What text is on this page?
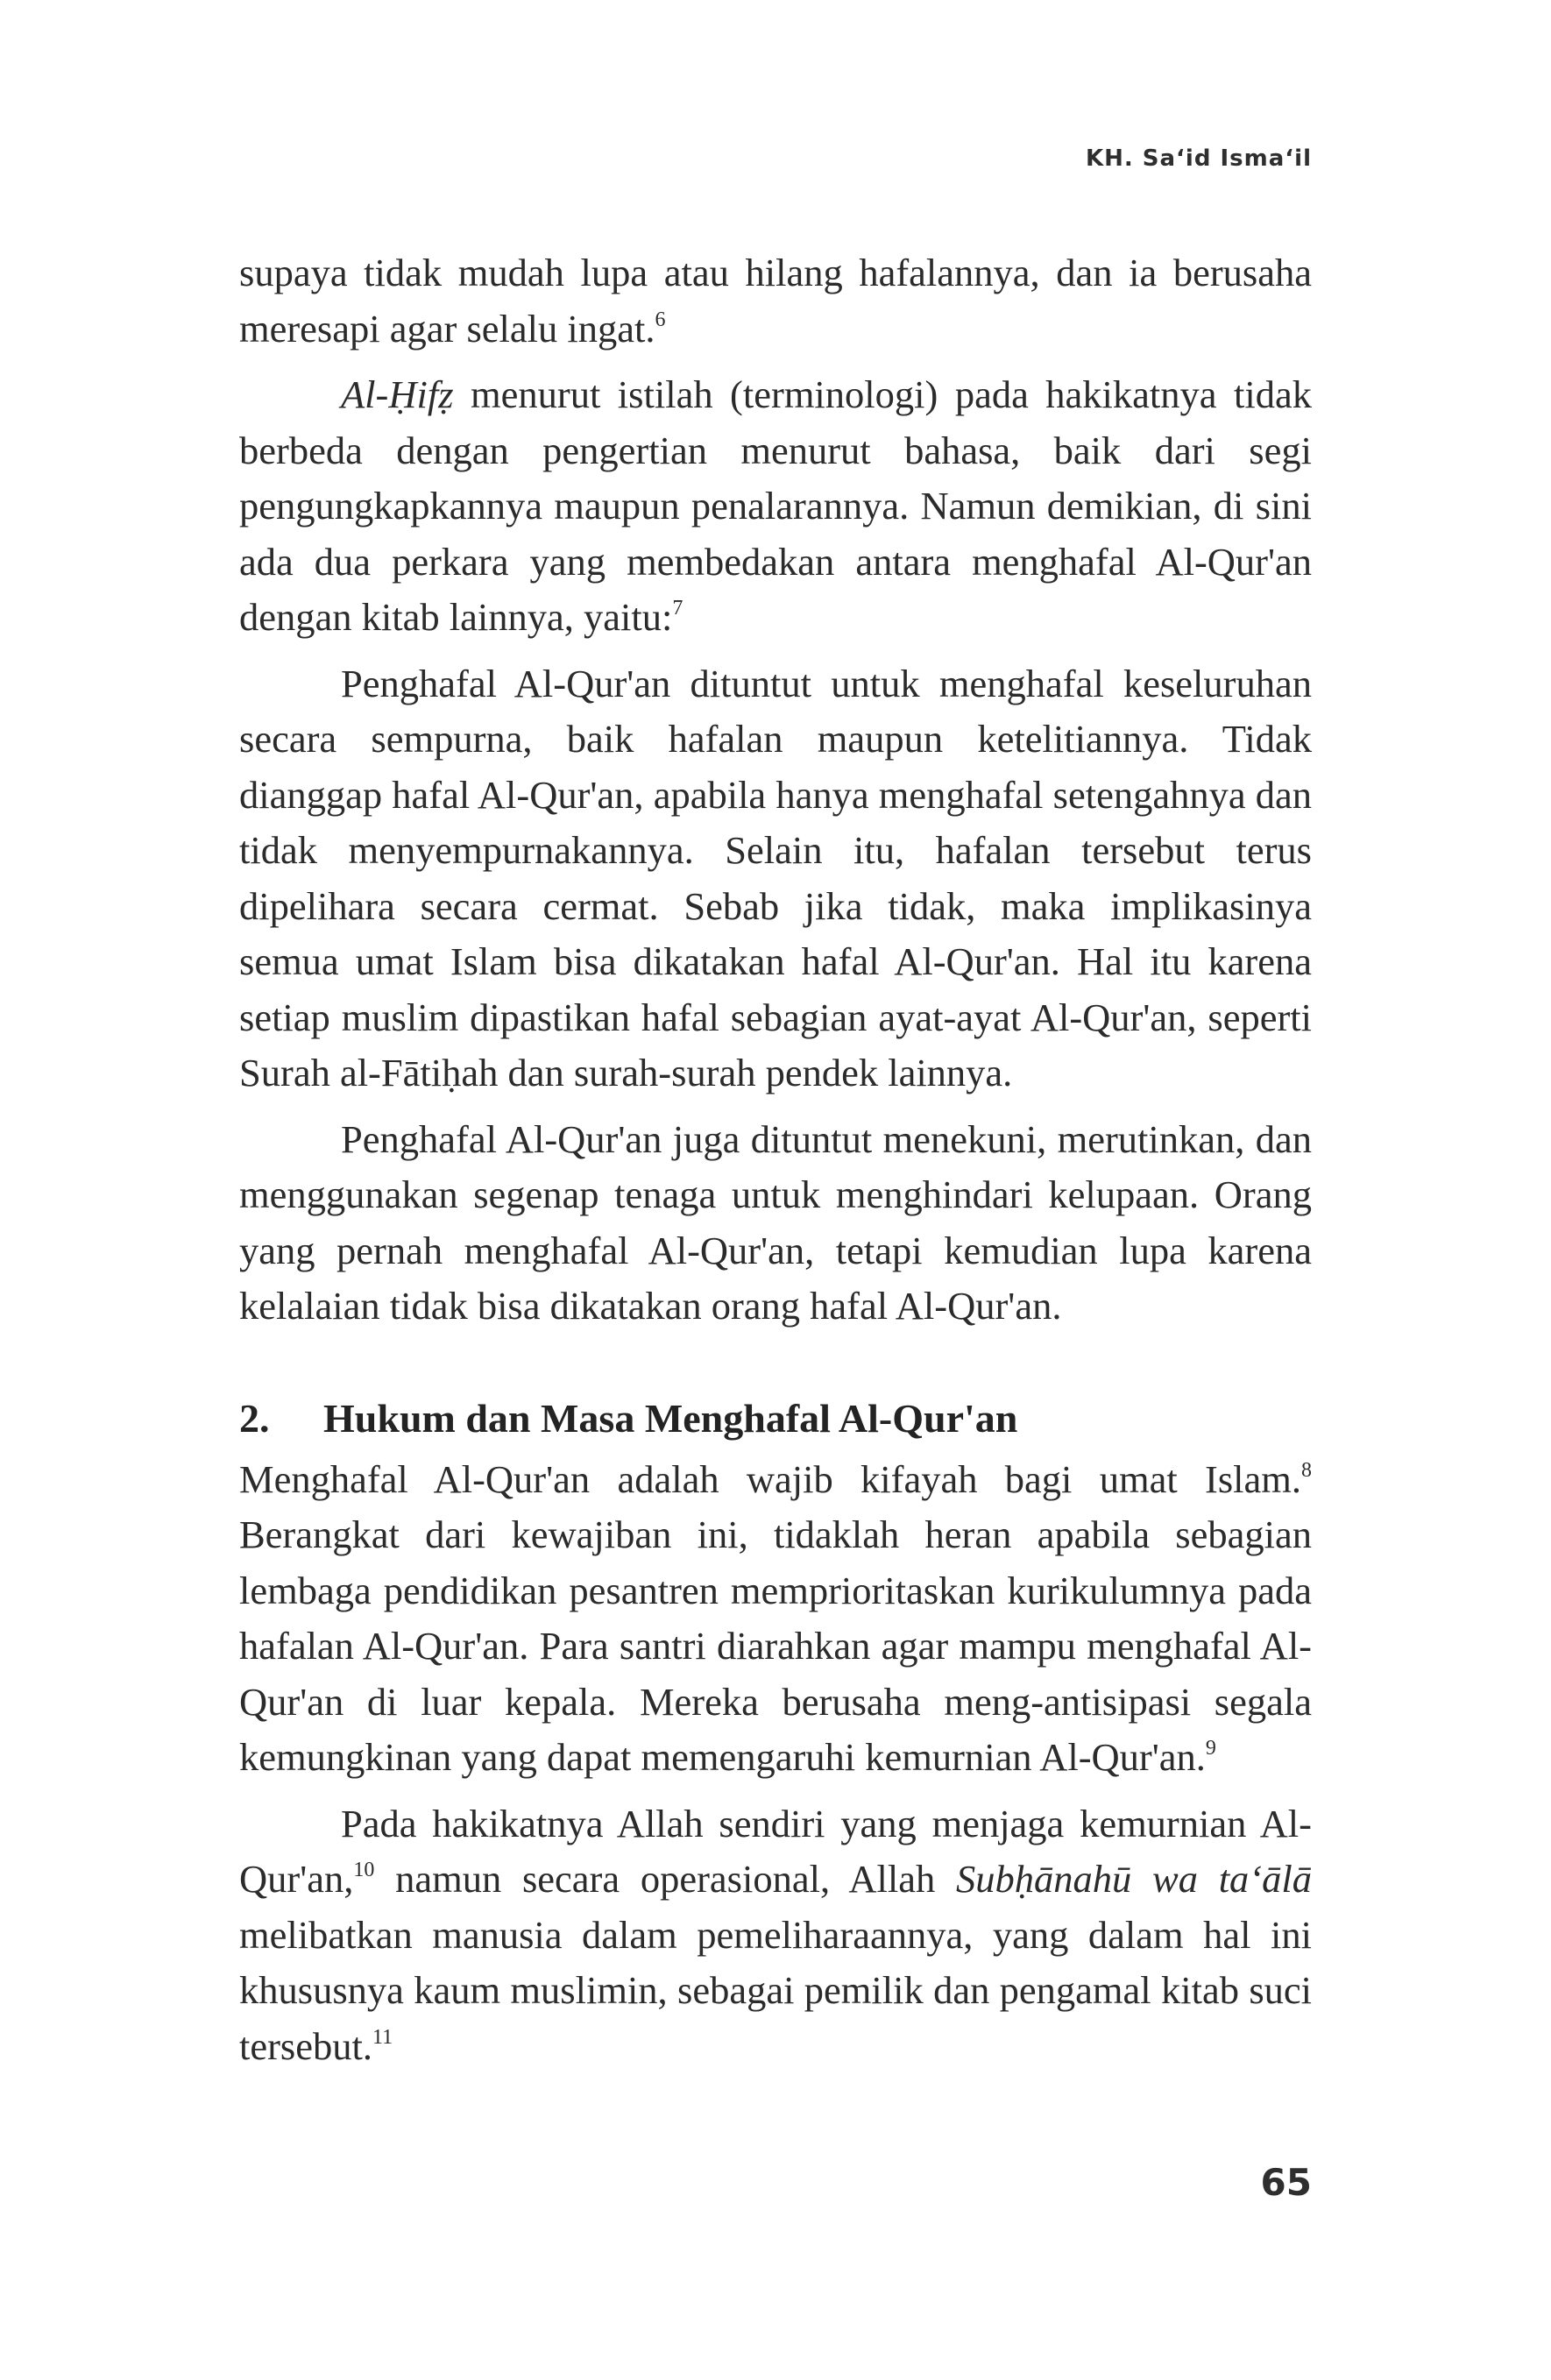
KH. Sa‘id Isma‘il

supaya tidak mudah lupa atau hilang hafalannya, dan ia berusaha meresapi agar selalu ingat.$^6$

Al-Ḥifẓ menurut istilah (terminologi) pada hakikatnya tidak berbeda dengan pengertian menurut bahasa, baik dari segi pengungkapkannya maupun penalarannya. Namun demikian, di sini ada dua perkara yang membedakan antara menghafal Al-Qur'an dengan kitab lainnya, yaitu:$^7$

Penghafal Al-Qur'an dituntut untuk menghafal keseluruhan secara sempurna, baik hafalan maupun ketelitiannya. Tidak dianggap hafal Al-Qur'an, apabila hanya menghafal setengahnya dan tidak menyempurnakannya. Selain itu, hafalan tersebut terus dipelihara secara cermat. Sebab jika tidak, maka implikasinya semua umat Islam bisa dikatakan hafal Al-Qur'an. Hal itu karena setiap muslim dipastikan hafal sebagian ayat-ayat Al-Qur'an, seperti Surah al-Fātiḥah dan surah-surah pendek lainnya.

Penghafal Al-Qur'an juga dituntut menekuni, merutinkan, dan menggunakan segenap tenaga untuk menghindari kelupaan. Orang yang pernah menghafal Al-Qur'an, tetapi kemudian lupa karena kelalaian tidak bisa dikatakan orang hafal Al-Qur'an.

2.	Hukum dan Masa Menghafal Al-Qur'an

Menghafal Al-Qur'an adalah wajib kifayah bagi umat Islam.$^8$ Berangkat dari kewajiban ini, tidaklah heran apabila sebagian lembaga pendidikan pesantren memprioritaskan kurikulumnya pada hafalan Al-Qur'an. Para santri diarahkan agar mampu menghafal Al-Qur'an di luar kepala. Mereka berusaha meng-antisipasi segala kemungkinan yang dapat memengaruhi kemurnian Al-Qur'an.$^9$

Pada hakikatnya Allah sendiri yang menjaga kemurnian Al-Qur'an,$^{10}$ namun secara operasional, Allah Subḥānahū wa ta‘ālā melibatkan manusia dalam pemeliharaannya, yang dalam hal ini khususnya kaum muslimin, sebagai pemilik dan pengamal kitab suci tersebut.$^{11}$

65
